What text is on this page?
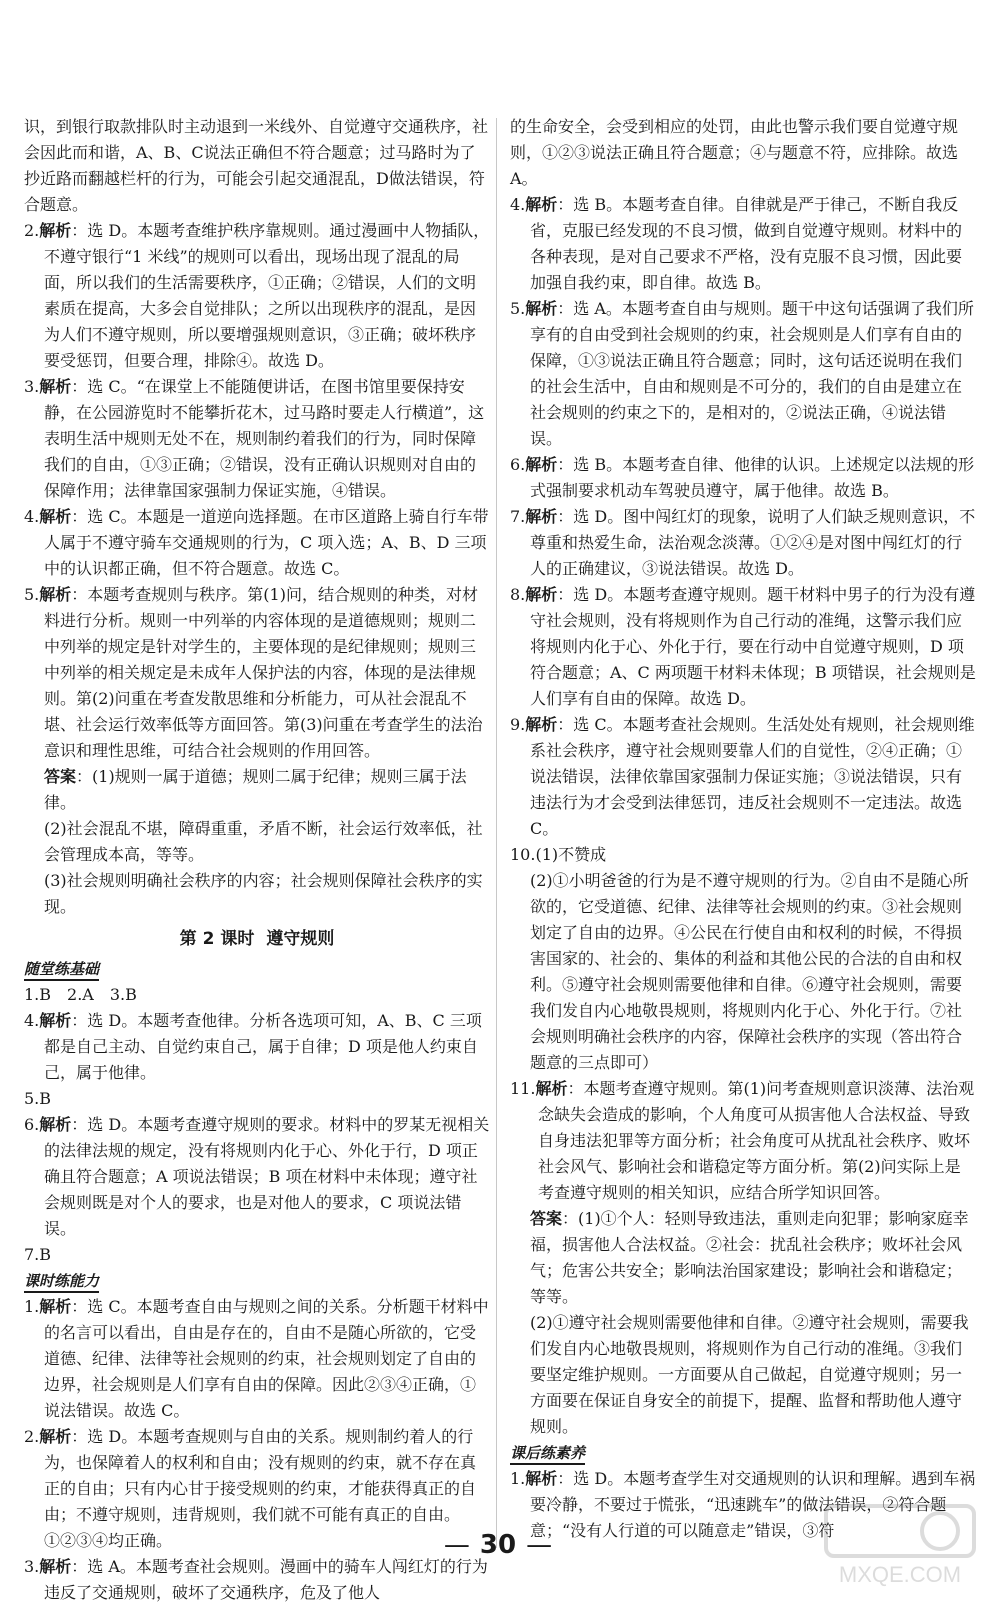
识，到银行取款排队时主动退到一米线外、自觉遵守交通秩序，社会因此而和谐，A、B、C说法正确但不符合题意；过马路时为了抄近路而翻越栏杆的行为，可能会引起交通混乱，D做法错误，符合题意。

2.解析：选 D。本题考查维护秩序靠规则。通过漫画中人物插队，不遵守银行“1 米线”的规则可以看出，现场出现了混乱的局面，所以我们的生活需要秩序，①正确；②错误，人们的文明素质在提高，大多会自觉排队；之所以出现秩序的混乱，是因为人们不遵守规则，所以要增强规则意识，③正确；破坏秩序要受惩罚，但要合理，排除④。故选 D。

3.解析：选 C。“在课堂上不能随便讲话，在图书馆里要保持安静，在公园游览时不能攀折花木，过马路时要走人行横道”，这表明生活中规则无处不在，规则制约着我们的行为，同时保障我们的自由，①③正确；②错误，没有正确认识规则对自由的保障作用；法律靠国家强制力保证实施，④错误。

4.解析：选 C。本题是一道逆向选择题。在市区道路上骑自行车带人属于不遵守骑车交通规则的行为，C 项入选；A、B、D 三项中的认识都正确，但不符合题意。故选 C。

5.解析：本题考查规则与秩序。第(1)问，结合规则的种类，对材料进行分析。规则一中列举的内容体现的是道德规则；规则二中列举的规定是针对学生的，主要体现的是纪律规则；规则三中列举的相关规定是未成年人保护法的内容，体现的是法律规则。第(2)问重在考查发散思维和分析能力，可从社会混乱不堪、社会运行效率低等方面回答。第(3)问重在考查学生的法治意识和理性思维，可结合社会规则的作用回答。

答案：(1)规则一属于道德；规则二属于纪律；规则三属于法律。

(2)社会混乱不堪，障碍重重，矛盾不断，社会运行效率低，社会管理成本高，等等。

(3)社会规则明确社会秩序的内容；社会规则保障社会秩序的实现。

第 2 课时 遵守规则

随堂练基础

1.B　2.A　3.B

4.解析：选 D。本题考查他律。分析各选项可知，A、B、C 三项都是自己主动、自觉约束自己，属于自律；D 项是他人约束自己，属于他律。

5.B

6.解析：选 D。本题考查遵守规则的要求。材料中的罗某无视相关的法律法规的规定，没有将规则内化于心、外化于行，D 项正确且符合题意；A 项说法错误；B 项在材料中未体现；遵守社会规则既是对个人的要求，也是对他人的要求，C 项说法错误。

7.B

课时练能力

1.解析：选 C。本题考查自由与规则之间的关系。分析题干材料中的名言可以看出，自由是存在的，自由不是随心所欲的，它受道德、纪律、法律等社会规则的约束，社会规则划定了自由的边界，社会规则是人们享有自由的保障。因此②③④正确，①说法错误。故选 C。

2.解析：选 D。本题考查规则与自由的关系。规则制约着人的行为，也保障着人的权利和自由；没有规则的约束，就不存在真正的自由；只有内心甘于接受规则的约束，才能获得真正的自由；不遵守规则，违背规则，我们就不可能有真正的自由。①②③④均正确。

3.解析：选 A。本题考查社会规则。漫画中的骑车人闯红灯的行为违反了交通规则，破坏了交通秩序，危及了他人

的生命安全，会受到相应的处罚，由此也警示我们要自觉遵守规则，①②③说法正确且符合题意；④与题意不符，应排除。故选 A。

4.解析：选 B。本题考查自律。自律就是严于律己，不断自我反省，克服已经发现的不良习惯，做到自觉遵守规则。材料中的各种表现，是对自己要求不严格，没有克服不良习惯，因此要加强自我约束，即自律。故选 B。

5.解析：选 A。本题考查自由与规则。题干中这句话强调了我们所享有的自由受到社会规则的约束，社会规则是人们享有自由的保障，①③说法正确且符合题意；同时，这句话还说明在我们的社会生活中，自由和规则是不可分的，我们的自由是建立在社会规则的约束之下的，是相对的，②说法正确，④说法错误。

6.解析：选 B。本题考查自律、他律的认识。上述规定以法规的形式强制要求机动车驾驶员遵守，属于他律。故选 B。

7.解析：选 D。图中闯红灯的现象，说明了人们缺乏规则意识，不尊重和热爱生命，法治观念淡薄。①②④是对图中闯红灯的行人的正确建议，③说法错误。故选 D。

8.解析：选 D。本题考查遵守规则。题干材料中男子的行为没有遵守社会规则，没有将规则作为自己行动的准绳，这警示我们应将规则内化于心、外化于行，要在行动中自觉遵守规则，D 项符合题意；A、C 两项题干材料未体现；B 项错误，社会规则是人们享有自由的保障。故选 D。

9.解析：选 C。本题考查社会规则。生活处处有规则，社会规则维系社会秩序，遵守社会规则要靠人们的自觉性，②④正确；①说法错误，法律依靠国家强制力保证实施；③说法错误，只有违法行为才会受到法律惩罚，违反社会规则不一定违法。故选 C。

10.(1)不赞成

(2)①小明爸爸的行为是不遵守规则的行为。②自由不是随心所欲的，它受道德、纪律、法律等社会规则的约束。③社会规则划定了自由的边界。④公民在行使自由和权利的时候，不得损害国家的、社会的、集体的利益和其他公民的合法的自由和权利。⑤遵守社会规则需要他律和自律。⑥遵守社会规则，需要我们发自内心地敬畏规则，将规则内化于心、外化于行。⑦社会规则明确社会秩序的内容，保障社会秩序的实现（答出符合题意的三点即可）

11.解析：本题考查遵守规则。第(1)问考查规则意识淡薄、法治观念缺失会造成的影响，个人角度可从损害他人合法权益、导致自身违法犯罪等方面分析；社会角度可从扰乱社会秩序、败坏社会风气、影响社会和谐稳定等方面分析。第(2)问实际上是考查遵守规则的相关知识，应结合所学知识回答。

答案：(1)①个人：轻则导致违法，重则走向犯罪；影响家庭幸福，损害他人合法权益。②社会：扰乱社会秩序；败坏社会风气；危害公共安全；影响法治国家建设；影响社会和谐稳定；等等。

(2)①遵守社会规则需要他律和自律。②遵守社会规则，需要我们发自内心地敬畏规则，将规则作为自己行动的准绳。③我们要坚定维护规则。一方面要从自己做起，自觉遵守规则；另一方面要在保证自身安全的前提下，提醒、监督和帮助他人遵守规则。

课后练素养

1.解析：选 D。本题考查学生对交通规则的认识和理解。遇到车祸要冷静，不要过于慌张，“迅速跳车”的做法错误，②符合题意；“没有人行道的可以随意走”错误，③符

— 30 —
MXQE.COM
